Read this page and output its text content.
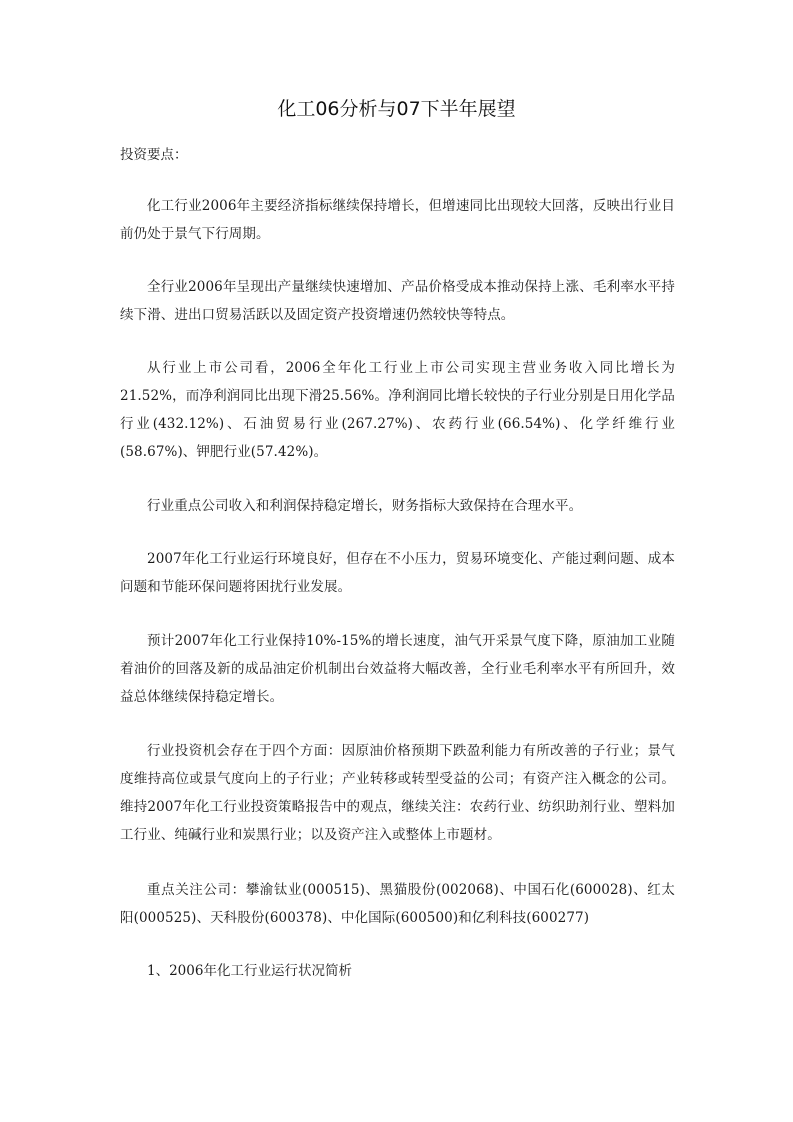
化工06分析与07下半年展望
投资要点：
化工行业2006年主要经济指标继续保持增长，但增速同比出现较大回落，反映出行业目前仍处于景气下行周期。
全行业2006年呈现出产量继续快速增加、产品价格受成本推动保持上涨、毛利率水平持续下滑、进出口贸易活跃以及固定资产投资增速仍然较快等特点。
从行业上市公司看，2006全年化工行业上市公司实现主营业务收入同比增长为21.52%，而净利润同比出现下滑25.56%。净利润同比增长较快的子行业分别是日用化学品行业(432.12%)、石油贸易行业(267.27%)、农药行业(66.54%)、化学纤维行业(58.67%)、钾肥行业(57.42%)。
行业重点公司收入和利润保持稳定增长，财务指标大致保持在合理水平。
2007年化工行业运行环境良好，但存在不小压力，贸易环境变化、产能过剩问题、成本问题和节能环保问题将困扰行业发展。
预计2007年化工行业保持10%-15%的增长速度，油气开采景气度下降，原油加工业随着油价的回落及新的成品油定价机制出台效益将大幅改善，全行业毛利率水平有所回升，效益总体继续保持稳定增长。
行业投资机会存在于四个方面：因原油价格预期下跌盈利能力有所改善的子行业；景气度维持高位或景气度向上的子行业；产业转移或转型受益的公司；有资产注入概念的公司。维持2007年化工行业投资策略报告中的观点，继续关注：农药行业、纺织助剂行业、塑料加工行业、纯碱行业和炭黑行业；以及资产注入或整体上市题材。
重点关注公司：攀渝钛业(000515)、黑猫股份(002068)、中国石化(600028)、红太阳(000525)、天科股份(600378)、中化国际(600500)和亿利科技(600277)
1、2006年化工行业运行状况简析
